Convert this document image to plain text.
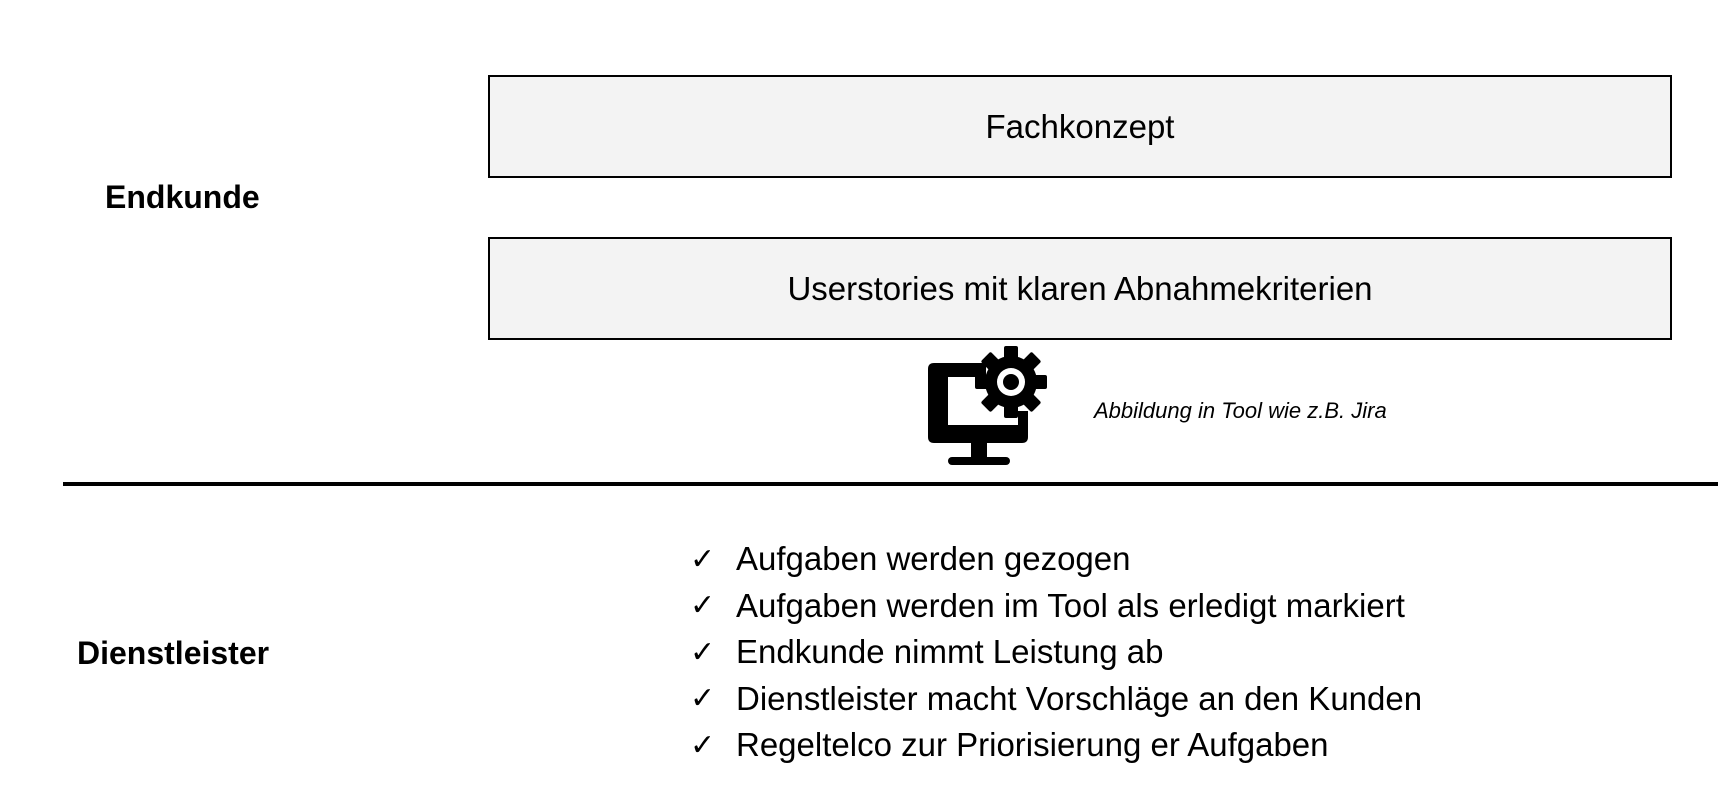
Endkunde
Fachkonzept
Userstories mit klaren Abnahmekriterien
Abbildung in Tool wie z.B. Jira
Dienstleister
✓ Aufgaben werden gezogen
✓ Aufgaben werden im Tool als erledigt markiert
✓ Endkunde nimmt Leistung ab
✓ Dienstleister macht Vorschläge an den Kunden
✓ Regeltelco zur Priorisierung er Aufgaben
